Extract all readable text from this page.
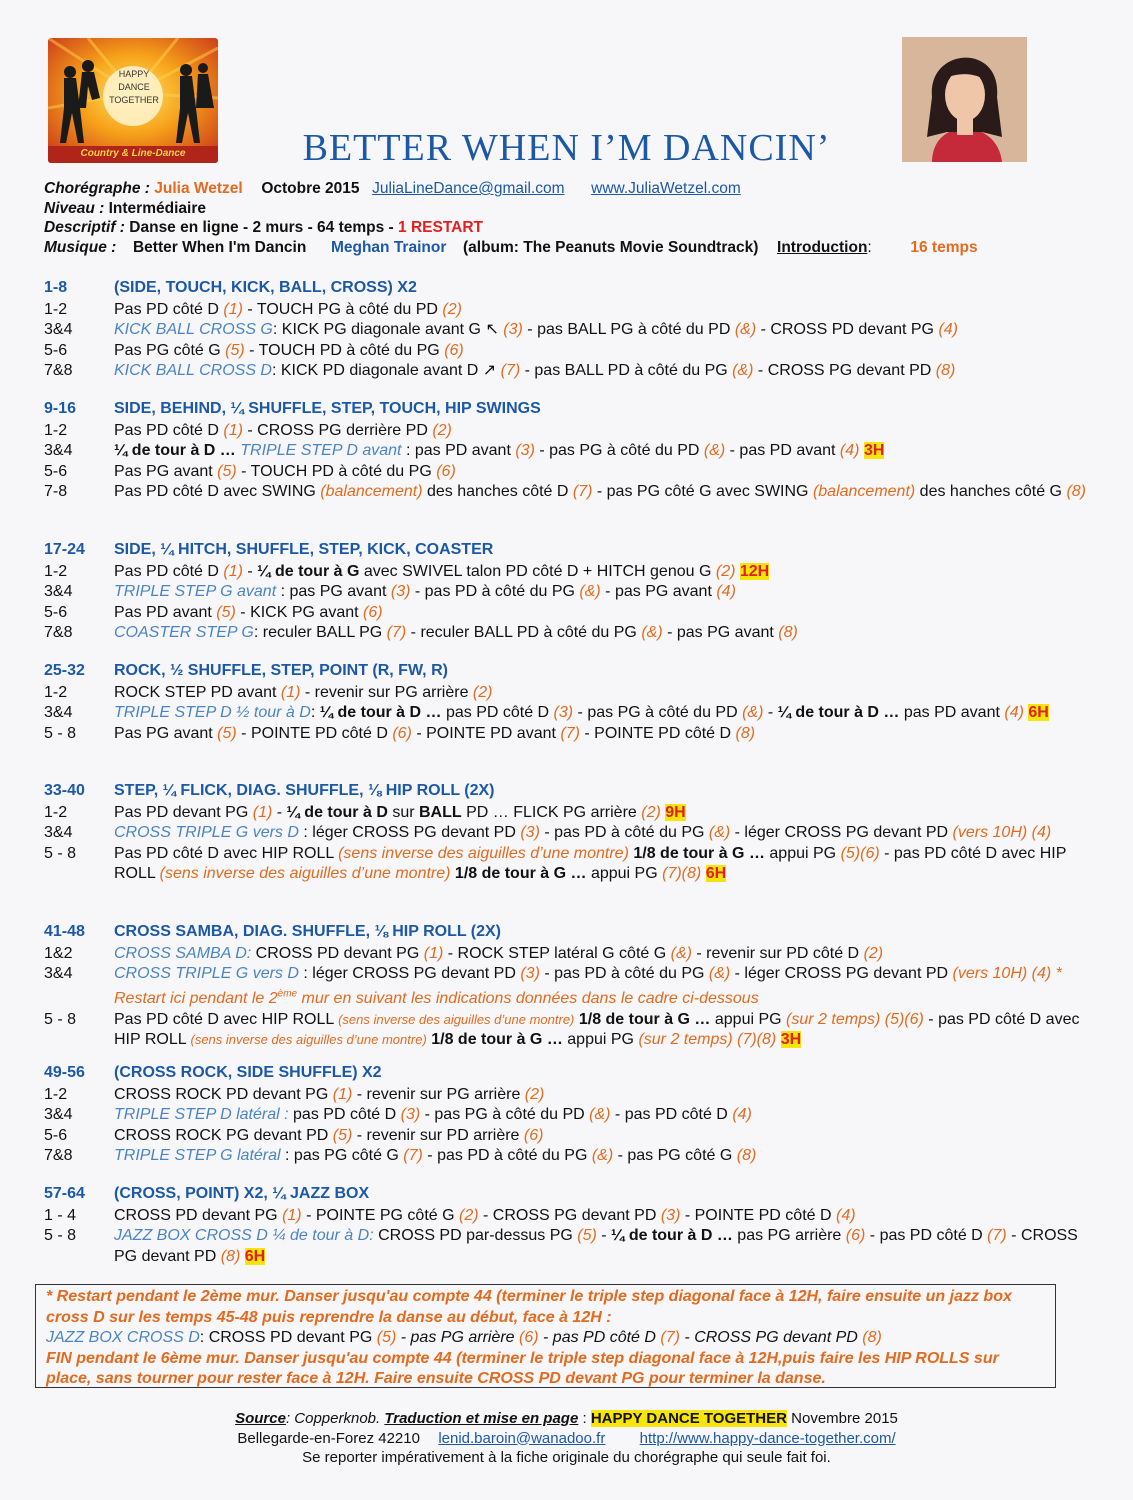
HAPPY
DANCE
TOGETHER
Country & Line-Dance	BETTER WHEN I’M DANCIN’
Chorégraphe : Julia Wetzel Octobre 2015 JuliaLineDance@gmail.com www.JuliaWetzel.com
Niveau : Intermédiaire
Descriptif : Danse en ligne - 2 murs - 64 temps - 1 RESTART
Musique : Better When I'm Dancin Meghan Trainor (album: The Peanuts Movie Soundtrack) Introduction: 16 temps
1-8	(SIDE, TOUCH, KICK, BALL, CROSS) X2
1-2	Pas PD côté D (1) - TOUCH PG à côté du PD (2)
3&4	KICK BALL CROSS G: KICK PG diagonale avant G ↖ (3) - pas BALL PG à côté du PD (&) - CROSS PD devant PG (4)
5-6	Pas PG côté G (5) - TOUCH PD à côté du PG (6)
7&8	KICK BALL CROSS D: KICK PD diagonale avant D ↗ (7) - pas BALL PD à côté du PG (&) - CROSS PG devant PD (8)
9-16	SIDE, BEHIND, ¼ SHUFFLE, STEP, TOUCH, HIP SWINGS
1-2	Pas PD côté D (1) - CROSS PG derrière PD (2)
3&4	¼ de tour à D … TRIPLE STEP D avant : pas PD avant (3) - pas PG à côté du PD (&) - pas PD avant (4) 3H
5-6	Pas PG avant (5) - TOUCH PD à côté du PG (6)
7-8	Pas PD côté D avec SWING (balancement) des hanches côté D (7) - pas PG côté G avec SWING (balancement) des hanches côté G (8)
17-24	SIDE, ¼ HITCH, SHUFFLE, STEP, KICK, COASTER
1-2	Pas PD côté D (1) - ¼ de tour à G avec SWIVEL talon PD côté D + HITCH genou G (2) 12H
3&4	TRIPLE STEP G avant : pas PG avant (3) - pas PD à côté du PG (&) - pas PG avant (4)
5-6	Pas PD avant (5) - KICK PG avant (6)
7&8	COASTER STEP G: reculer BALL PG (7) - reculer BALL PD à côté du PG (&) - pas PG avant (8)
25-32	ROCK, ½ SHUFFLE, STEP, POINT (R, FW, R)
1-2	ROCK STEP PD avant (1) - revenir sur PG arrière (2)
3&4	TRIPLE STEP D ½ tour à D: ¼ de tour à D … pas PD côté D (3) - pas PG à côté du PD (&) - ¼ de tour à D … pas PD avant (4) 6H
5 - 8	Pas PG avant (5) - POINTE PD côté D (6) - POINTE PD avant (7) - POINTE PD côté D (8)
33-40	STEP, ¼ FLICK, DIAG. SHUFFLE, ⅛ HIP ROLL (2X)
1-2	Pas PD devant PG (1) - ¼ de tour à D sur BALL PD … FLICK PG arrière (2) 9H
3&4	CROSS TRIPLE G vers D : léger CROSS PG devant PD (3) - pas PD à côté du PG (&) - léger CROSS PG devant PD (vers 10H) (4)
5 - 8	Pas PD côté D avec HIP ROLL (sens inverse des aiguilles d’une montre) 1/8 de tour à G … appui PG (5)(6) - pas PD côté D avec HIP ROLL (sens inverse des aiguilles d’une montre) 1/8 de tour à G … appui PG (7)(8) 6H
41-48	CROSS SAMBA, DIAG. SHUFFLE, ⅛ HIP ROLL (2X)
1&2	CROSS SAMBA D: CROSS PD devant PG (1) - ROCK STEP latéral G côté G (&) - revenir sur PD côté D (2)
3&4	CROSS TRIPLE G vers D : léger CROSS PG devant PD (3) - pas PD à côté du PG (&) - léger CROSS PG devant PD (vers 10H) (4) * Restart ici pendant le 2ème mur en suivant les indications données dans le cadre ci-dessous
5 - 8	Pas PD côté D avec HIP ROLL (sens inverse des aiguilles d’une montre) 1/8 de tour à G … appui PG (sur 2 temps) (5)(6) - pas PD côté D avec HIP ROLL (sens inverse des aiguilles d’une montre) 1/8 de tour à G … appui PG (sur 2 temps) (7)(8) 3H
49-56	(CROSS ROCK, SIDE SHUFFLE) X2
1-2	CROSS ROCK PD devant PG (1) - revenir sur PG arrière (2)
3&4	TRIPLE STEP D latéral : pas PD côté D (3) - pas PG à côté du PD (&) - pas PD côté D (4)
5-6	CROSS ROCK PG devant PD (5) - revenir sur PD arrière (6)
7&8	TRIPLE STEP G latéral : pas PG côté G (7) - pas PD à côté du PG (&) - pas PG côté G (8)
57-64	(CROSS, POINT) X2, ¼ JAZZ BOX
1 - 4	CROSS PD devant PG (1) - POINTE PG côté G (2) - CROSS PG devant PD (3) - POINTE PD côté D (4)
5 - 8	JAZZ BOX CROSS D ¼ de tour à D: CROSS PD par-dessus PG (5) - ¼ de tour à D … pas PG arrière (6) - pas PD côté D (7) - CROSS PG devant PD (8) 6H
* Restart pendant le 2ème mur. Danser jusqu'au compte 44 (terminer le triple step diagonal face à 12H, faire ensuite un jazz box cross D sur les temps 45-48 puis reprendre la danse au début, face à 12H :
JAZZ BOX CROSS D: CROSS PD devant PG (5) - pas PG arrière (6) - pas PD côté D (7) - CROSS PG devant PD (8)
FIN pendant le 6ème mur. Danser jusqu'au compte 44 (terminer le triple step diagonal face à 12H,puis faire les HIP ROLLS sur place, sans tourner pour rester face à 12H. Faire ensuite CROSS PD devant PG pour terminer la danse.
Source: Copperknob. Traduction et mise en page : HAPPY DANCE TOGETHER Novembre 2015
Bellegarde-en-Forez 42210 lenid.baroin@wanadoo.fr http://www.happy-dance-together.com/
Se reporter impérativement à la fiche originale du chorégraphe qui seule fait foi.
